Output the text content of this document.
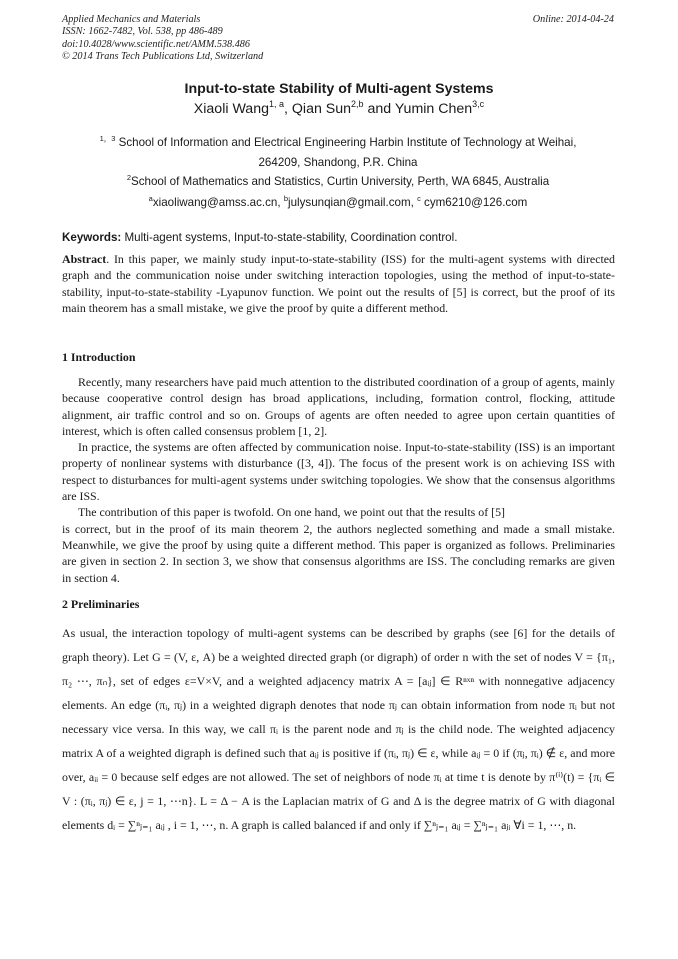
Applied Mechanics and Materials
ISSN: 1662-7482, Vol. 538, pp 486-489
doi:10.4028/www.scientific.net/AMM.538.486
© 2014 Trans Tech Publications Ltd, Switzerland
Online: 2014-04-24
Input-to-state Stability of Multi-agent Systems
Xiaoli Wang$^{1, a}$, Qian Sun$^{2,b}$ and Yumin Chen$^{3,c}$
$^{1,3}$ School of Information and Electrical Engineering Harbin Institute of Technology at Weihai,
264209, Shandong, P.R. China
$^2$School of Mathematics and Statistics, Curtin University, Perth, WA 6845, Australia
$^a$xiaoliwang@amss.ac.cn, $^b$julysunqian@gmail.com, $^c$ cym6210@126.com
Keywords: Multi-agent systems, Input-to-state-stability, Coordination control.
Abstract. In this paper, we mainly study input-to-state-stability (ISS) for the multi-agent systems with directed graph and the communication noise under switching interaction topologies, using the method of input-to-state-stability, input-to-state-stability -Lyapunov function. We point out the results of [5] is correct, but the proof of its main theorem has a small mistake, we give the proof by quite a different method.
1 Introduction

Recently, many researchers have paid much attention to the distributed coordination of a group of agents, mainly because cooperative control design has broad applications, including, formation control, flocking, attitude alignment, air traffic control and so on. Groups of agents are often needed to agree upon certain quantities of interest, which is often called consensus problem [1, 2].

In practice, the systems are often affected by communication noise. Input-to-state-stability (ISS) is an important property of nonlinear systems with disturbance ([3, 4]). The focus of the present work is on achieving ISS with respect to disturbances for multi-agent systems under switching topologies. We show that the consensus algorithms are ISS.

The contribution of this paper is twofold. On one hand, we point out that the results of [5]

is correct, but in the proof of its main theorem 2, the authors neglected something and made a small mistake. Meanwhile, we give the proof by using quite a different method. This paper is organized as follows. Preliminaries are given in section 2. In section 3, we show that consensus algorithms are ISS. The concluding remarks are given in section 4.

2 Preliminaries

As usual, the interaction topology of multi-agent systems can be described by graphs (see [6] for the details of graph theory). Let G = (V, ε, A) be a weighted directed graph (or digraph) of order n with the set of nodes V = {π₁, π₂ ⋯, πₙ}, set of edges ε=V×V, and a weighted adjacency matrix A = [aᵢⱼ] ∈ Rⁿˣⁿ with nonnegative adjacency elements. An edge (πᵢ, πⱼ) in a weighted digraph denotes that node πⱼ can obtain information from node πᵢ but not necessary vice versa. In this way, we call πᵢ is the parent node and πⱼ is the child node. The weighted adjacency matrix A of a weighted digraph is defined such that aᵢⱼ is positive if (πᵢ, πⱼ) ∈ ε, while aᵢⱼ = 0 if (πⱼ, πᵢ) ∉ ε, and more over, aᵢᵢ = 0 because self edges are not allowed. The set of neighbors of node πᵢ at time t is denote by π⁽ⁱ⁾(t) = {πᵢ ∈ V : (πᵢ, πⱼ) ∈ ε, j = 1, ⋯n}. L = Δ − A is the Laplacian matrix of G and Δ is the degree matrix of G with diagonal elements dᵢ = ∑ⁿⱼ₌₁ aᵢⱼ , i = 1, ⋯, n. A graph is called balanced if and only if ∑ⁿⱼ₌₁ aᵢⱼ = ∑ⁿⱼ₌₁ aⱼᵢ ∀i = 1, ⋯, n.
